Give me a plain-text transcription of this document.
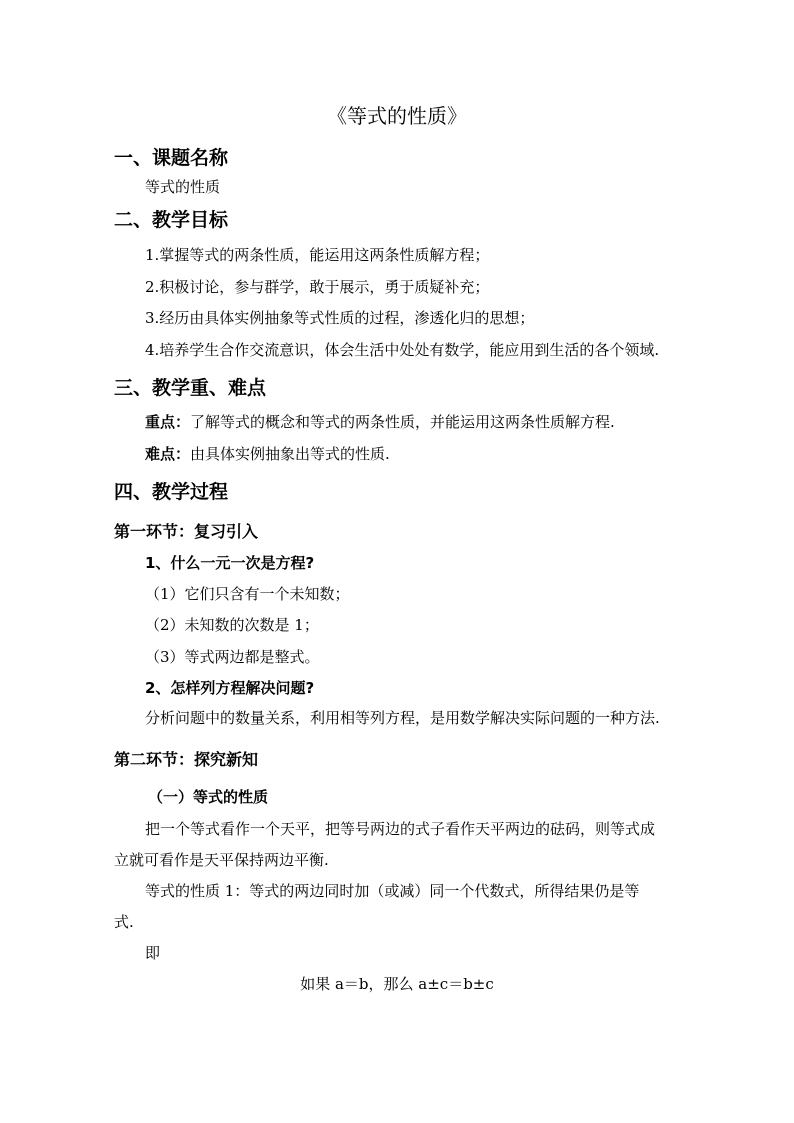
《等式的性质》
一、课题名称
等式的性质
二、教学目标
1.掌握等式的两条性质，能运用这两条性质解方程；
2.积极讨论，参与群学，敢于展示，勇于质疑补充；
3.经历由具体实例抽象等式性质的过程，渗透化归的思想；
4.培养学生合作交流意识，体会生活中处处有数学，能应用到生活的各个领域.
三、教学重、难点
重点：了解等式的概念和等式的两条性质，并能运用这两条性质解方程.
难点：由具体实例抽象出等式的性质.
四、教学过程
第一环节：复习引入
1、什么一元一次是方程?
（1）它们只含有一个未知数；
（2）未知数的次数是 1；
（3）等式两边都是整式。
2、怎样列方程解决问题?
分析问题中的数量关系，利用相等列方程，是用数学解决实际问题的一种方法.
第二环节：探究新知
（一）等式的性质
把一个等式看作一个天平，把等号两边的式子看作天平两边的砝码，则等式成
立就可看作是天平保持两边平衡.
等式的性质 1：等式的两边同时加（或减）同一个代数式，所得结果仍是等
式.
即
如果 a＝b，那么 a±c＝b±c
